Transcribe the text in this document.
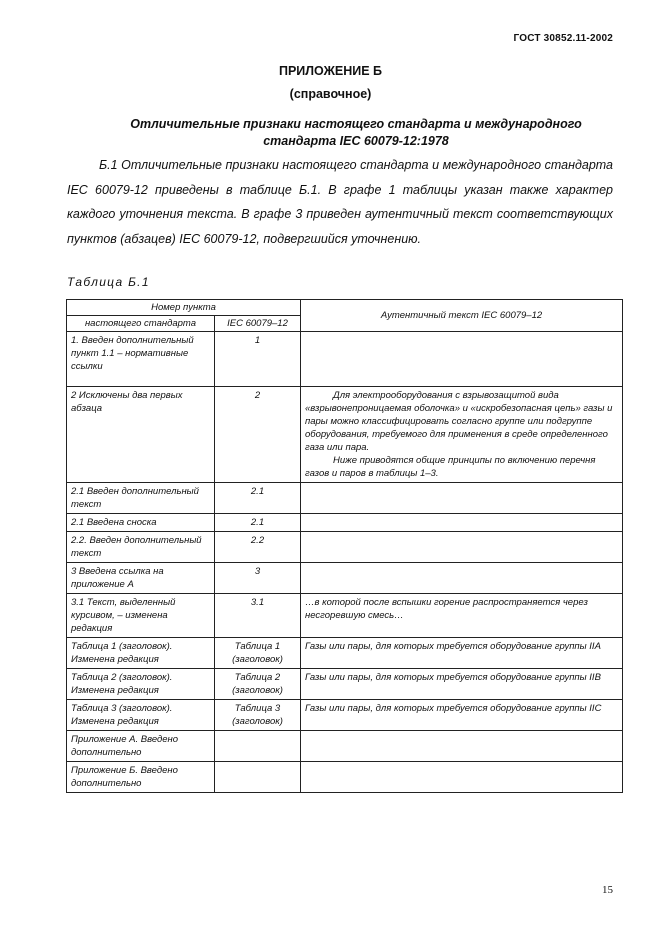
ГОСТ 30852.11-2002
ПРИЛОЖЕНИЕ Б
(справочное)
Отличительные признаки настоящего стандарта и международного
стандарта IEC 60079-12:1978
Б.1 Отличительные признаки настоящего стандарта и международного стандарта IEC 60079-12 приведены в таблице Б.1. В графе 1 таблицы указан также характер каждого уточнения текста. В графе 3 приведен аутентичный текст соответствующих пунктов (абзацев) IEC 60079-12, подвергшийся уточнению.
Таблица Б.1
Номер пункта		Аутентичный текст IEC 60079–12
настоящего стандарта	IEC 60079–12	
1. Введен дополнительный пункт 1.1 – нормативные ссылки	1	
2 Исключены два первых абзаца	2	Для электрооборудования с взрывозащитой вида «взрывонепроницаемая оболочка» и «искробезопасная цепь» газы и пары можно классифицировать согласно группе или подгруппе оборудования, требуемого для применения в среде определенного газа или пара.
Ниже приводятся общие принципы по включению перечня газов и паров в таблицы 1–3.

2.1 Введен дополнительный текст	2.1	
2.1 Введена сноска	2.1	
2.2. Введен дополнительный текст	2.2	
3 Введена ссылка на приложение А	3	
3.1 Текст, выделенный курсивом, – изменена редакция	3.1	…в которой после вспышки горение распространяется через несгоревшую смесь…
Таблица 1 (заголовок). Изменена редакция	Таблица 1 (заголовок)	Газы или пары, для которых требуется оборудование группы IIA
Таблица 2 (заголовок). Изменена редакция	Таблица 2 (заголовок)	Газы или пары, для которых требуется оборудование группы IIB
Таблица 3 (заголовок). Изменена редакция	Таблица 3 (заголовок)	Газы или пары, для которых требуется оборудование группы IIC
Приложение А. Введено дополнительно		
Приложение Б. Введено дополнительно		
15
